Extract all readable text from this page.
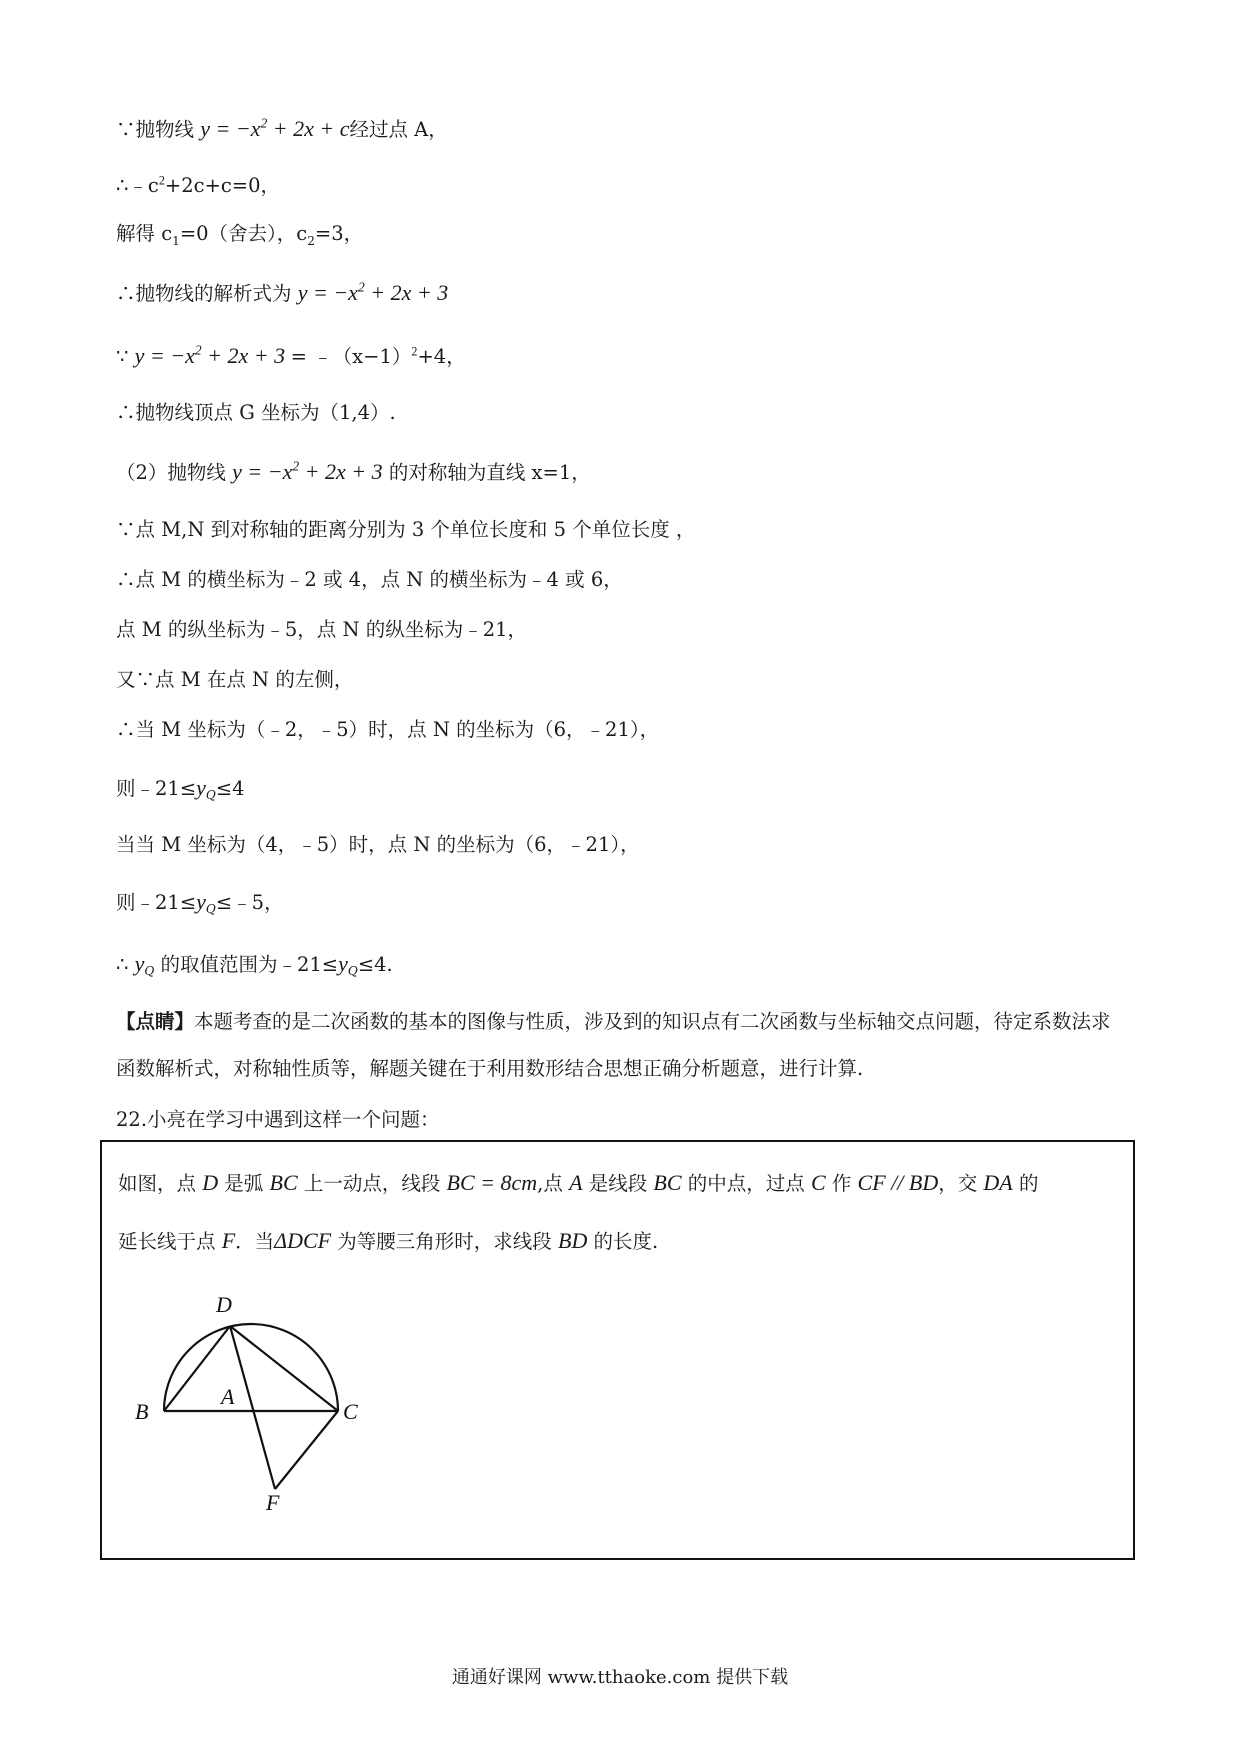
∵抛物线 $y = -x^2 + 2x + c$经过点 A，
$\therefore﹣c^2+2c+c=0$，
解得 $c_1=0$（舍去），$c_2=3$，
∴抛物线的解析式为 $y = -x^2 + 2x + 3$
∵ $y = -x^2 + 2x + 3$ = $﹣(x-1)^2+4$，
∴抛物线顶点 G 坐标为（1,4）.
（2）抛物线 $y = -x^2 + 2x + 3$ 的对称轴为直线 x=1，
∵点 M,N 到对称轴的距离分别为 3 个单位长度和 5 个单位长度 ，
∴点 M 的横坐标为﹣2 或 4，点 N 的横坐标为﹣4 或 6，
点 M 的纵坐标为﹣5，点 N 的纵坐标为﹣21，
又∵点 M 在点 N 的左侧，
∴当 M 坐标为（﹣2，﹣5）时，点 N 的坐标为（6，﹣21），
则$﹣21\le y_Q\le 4$
当当 M 坐标为（4，﹣5）时，点 N 的坐标为（6，﹣21），
则$﹣21\le y_Q\le﹣5$，
∴ $y_Q$ 的取值范围为$﹣21\le y_Q\le 4$.
【点睛】本题考查的是二次函数的基本的图像与性质，涉及到的知识点有二次函数与坐标轴交点问题，待定系数法求函数解析式，对称轴性质等，解题关键在于利用数形结合思想正确分析题意，进行计算.
22.小亮在学习中遇到这样一个问题：
如图，点 D 是弧 BC 上一动点，线段 BC = 8cm,点 A 是线段 BC 的中点，过点 C 作 CF // BD，交 DA 的
延长线于点 F．当ΔDCF 为等腰三角形时，求线段 BD 的长度.
D
B
A
C
F
通通好课网 www.tthaoke.com 提供下载
